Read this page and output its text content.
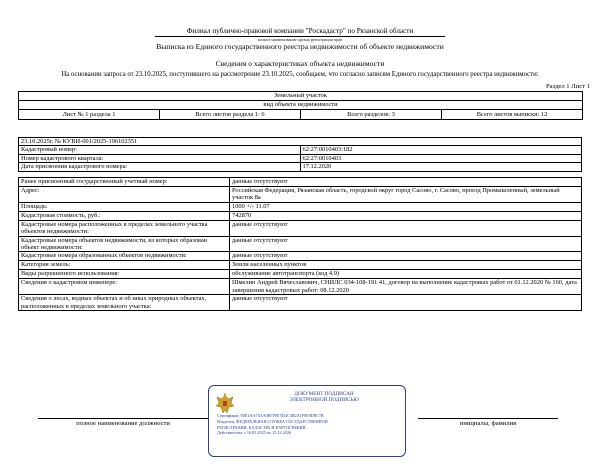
Филиал публично-правовой компании "Роскадастр" по Рязанской области
полное наименование органа регистрации прав
Выписка из Единого государственного реестра недвижимости об объекте недвижимости
Сведения о характеристиках объекта недвижимости
На основании запроса от 23.10.2025, поступившего на рассмотрение 23.10.2025, сообщаем, что согласно записям Единого государственного реестра недвижимости:
Раздел 1 Лист 1
Земельный участок
вид объекта недвижимости
Лист № 1 раздела 1	Всего листов раздела 1: 6	Всего разделов: 3	Всего листов выписки: 12
23.10.2025г. № КУВИ-001/2025-196102351	
Кадастровый номер:	62:27:0010403:182
Номер кадастрового квартала:	62:27:0010403
Дата присвоения кадастрового номера:	17.12.2020
Ранее присвоенный государственный учетный номер:	данные отсутствуют
Адрес:	Российская Федерация, Рязанская область, городской округ город Сасово, г. Сасово, проезд Промышленный, земельный участок 8а
Площадь:	1000 +/- 11.07
Кадастровая стоимость, руб.:	742870
Кадастровые номера расположенных в пределах земельного участка объектов недвижимости:	данные отсутствуют
Кадастровые номера объектов недвижимости, из которых образован объект недвижимости:	данные отсутствуют
Кадастровые номера образованных объектов недвижимости:	данные отсутствуют
Категория земель:	Земли населенных пунктов
Виды разрешенного использования:	обслуживание автотранспорта (код 4.9)
Сведения о кадастровом инженере:	Шмелин Андрей Вячеславович, СНИЛС 034-108-191 41, договор на выполнение кадастровых работ от 01.12.2020 № 160, дата завершения кадастровых работ: 08.12.2020
Сведения о лесах, водных объектах и об иных природных объектах, расположенных в пределах земельного участка:	данные отсутствуют
полное наименование должности	инициалы, фамилия
ДОКУМЕНТ ПОДПИСАН
ЭЛЕКТРОННОЙ ПОДПИСЬЮ
Сертификат: 00E1AA7A1A0B7F8E5D4C3B2A1F0E9D8C7B
Владелец: ФЕДЕРАЛЬНАЯ СЛУЖБА ГОСУДАРСТВЕННОЙ
РЕГИСТРАЦИИ, КАДАСТРА И КАРТОГРАФИИ
Действителен: с 16.05.2025 по 15.12.2026
